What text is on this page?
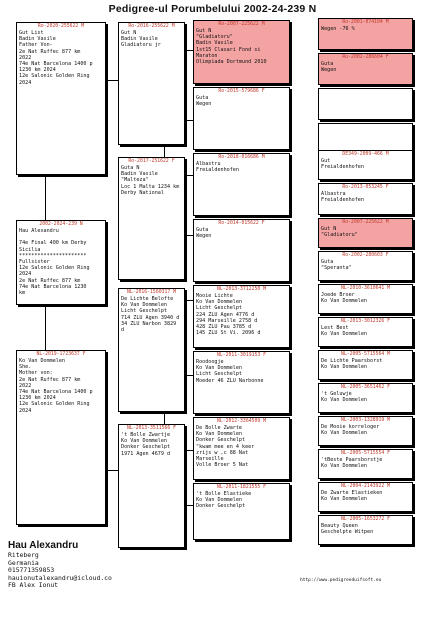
Pedigree-ul Porumbelului 2002-24-239 N
Ro-2020-255622 M
Gut List
Badin Vasile
Father Von-
2e Nat Ruffec 877 km
2022
74e Nat Barcelona 1400 p
1230 km 2024
12e Salonic Golden Ring
2024
2002-2024-239 N
Hau Alexandru

74e Final 400 km Derby
Sicilia
**********************
Fullsister
12e Salonic Golden Ring
2024
2e Nat Ruffec 877 km
74e Nat Barcelona 1230
km
NL-2019-1723637 F
Ko Van Dommelen
She.
Mother von:
2e Nat Ruffec 877 km
2022
74e Nat Barcelona 1400 p
1230 km 2024
12e Salonic Golden Ring
2024
Ro-2016-255622 M
Gut N
Badin Vasile
Gladiatoru jr
Ro-2017-251622 F
Guta N
Badin Vasile
"Malteza"
Loc 1 Malta 1234 km
Derby National
NL-2016-1560317 M
De Lichte Belofte
Ko Van Dommelen
Licht Geschelpt
714 ZLU Agen 3940 d
34 ZLU Narbon 3829 d
NL-2013-3511566 F
't Bolle Zwartje
Ko Van Dommelen
Donker Geschelpt
1971 Agen 4679 d
Ro-2007-225622 M
Gut N
"Gladiatoru"
Badin Vasile
1st15 Clasari Fond si
Maraton
Olimpiada Dortmund 2010
Ro-2015-579686 F
Guta
Wegen
Ro-2018-016686 M
Albastru
Freialdenhofen
Ro-2014-015622 F
Guta
Wegen
NL-2013-3712250 M
Mooie Lichte
Ko Van Dommelen
Licht Geschelpt
224 ZLU Agen 4776 d
294 Marseille 2758 d
428 ZLU Pau 3785 d
145 ZLU St Vi. 2096 d
NL-2011-3019153 F
Roodoogje
Ko Van Dommelen
Licht Geschelpt
Moeder 46 ZLU Narbonne
NL-2012-3364509 M
De Bolle Zwarte
Ko Van Dommelen
Donker Geschelpt
"kwam mee en 4 keer
zrijs w ,c 88 Nat
Marseille
Volle Broer 5 Nat
NL-2011-1821555 F
't Bolle Elastieke
Ko Van Dommelen
Donker Geschelpt
Ro-2001-074104 M
Wegen -76 %
Ro-2002-286604 F
Guta
Wegen
DE349-2009-466 M
Gut
Freialdenhofen
Ro-2013-053245 F
Albastra
Freialdenhofen
Ro-2007-225622 M
Gut N
"Gladiatoru"
Ro-2002-280603 F
Guta
"Speranta"
NL-2010-3610641 M
Joede Broer
Ko Van Dommelen
NL-2013-3012326 F
Lest Best
Ko Van Dommelen
NL-2005-5715564 M
De Lichte Paarsborst
Ko Van Dommelen
NL-2005-3651462 F
't Geluwje
Ko Van Dommelen
NL-2003-1328919 M
De Mooie korreloger
Ko Van Dommelen
NL-2005-5715554 F
'tBeste Paarsborstje
Ko Van Dommelen
NL-2004-2143922 M
De Zwarte Elastieken
Ko Van Dommelen
NL-2005-1653272 F
Beauty Queen
Geschelpte Witpen
Hau Alexandru
Riteberg
Germania
015771359853
hauionutalexandru@icloud.co
FB Alex Ionut
http://www.pedigreeduifsoft.eu
